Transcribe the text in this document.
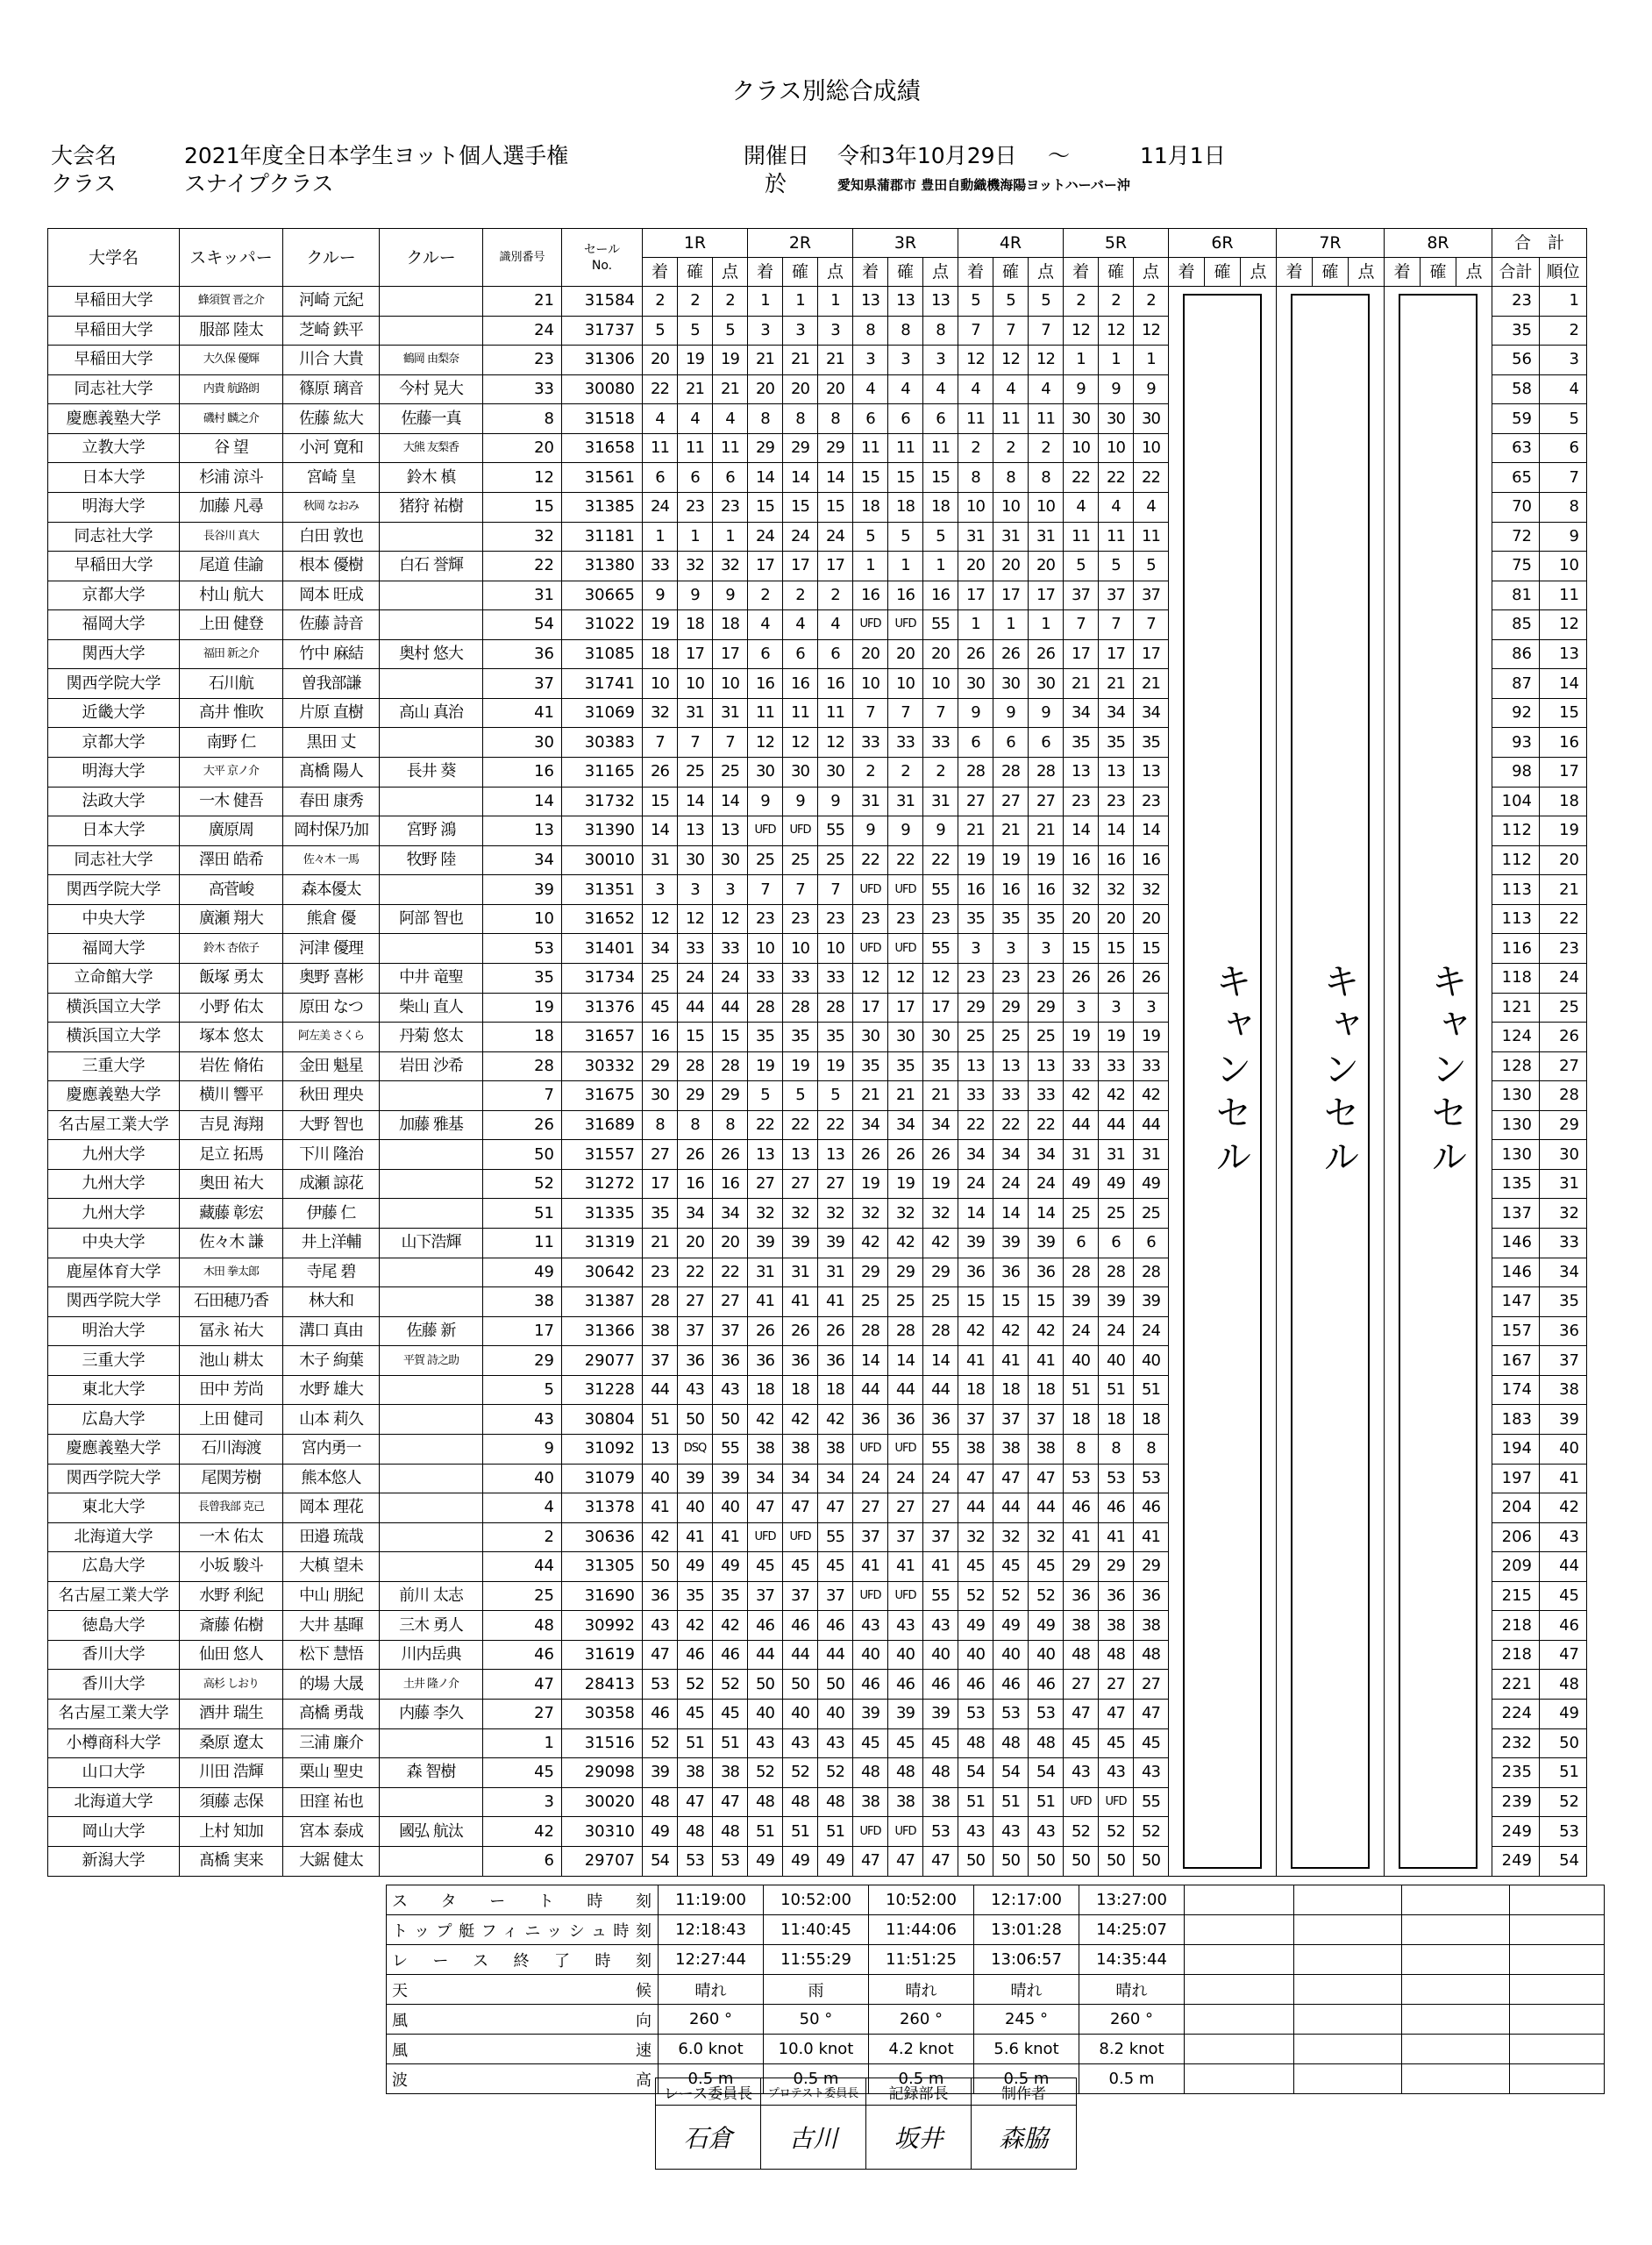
クラス別総合成績
大会名	2021年度全日本学生ヨット個人選手権
クラス	スナイプクラス
開催日 令和3年10月29日 ～	11月1日
於	愛知県蒲郡市 豊田自動織機海陽ヨットハーバー沖
大学名	スキッパー	クルー	クルー	識別番号	セール
No.	1R			2R			3R			4R			5R			6R			7R			8R			合　計	
						着	確	点	着	確	点	着	確	点	着	確	点	着	確	点	着	確	点	着	確	点	着	確	点	合計	順位
早稲田大学	蜂須賀 晋之介	河崎 元紀		21	31584	2	2	2	1	1	1	13	13	13	5	5	5	2	2	2	キャンセル			キャンセル			キャンセル			23	1
早稲田大学	服部 陸太	芝崎 鉄平		24	31737	5	5	5	3	3	3	8	8	8	7	7	7	12	12	12										35	2
早稲田大学	大久保 優輝	川合 大貴	鶴岡 由梨奈	23	31306	20	19	19	21	21	21	3	3	3	12	12	12	1	1	1										56	3
同志社大学	内貴 航路朗	篠原 璃音	今村 晃大	33	30080	22	21	21	20	20	20	4	4	4	4	4	4	9	9	9										58	4
慶應義塾大学	磯村 麟之介	佐藤 紘大	佐藤一真	8	31518	4	4	4	8	8	8	6	6	6	11	11	11	30	30	30										59	5
立教大学	谷 望	小河 寛和	大熊 友梨香	20	31658	11	11	11	29	29	29	11	11	11	2	2	2	10	10	10										63	6
日本大学	杉浦 涼斗	宮崎 皇	鈴木 槙	12	31561	6	6	6	14	14	14	15	15	15	8	8	8	22	22	22										65	7
明海大学	加藤 凡尋	秋岡 なおみ	猪狩 祐樹	15	31385	24	23	23	15	15	15	18	18	18	10	10	10	4	4	4										70	8
同志社大学	長谷川 真大	白田 敦也		32	31181	1	1	1	24	24	24	5	5	5	31	31	31	11	11	11										72	9
早稲田大学	尾道 佳諭	根本 優樹	白石 誉輝	22	31380	33	32	32	17	17	17	1	1	1	20	20	20	5	5	5										75	10
京都大学	村山 航大	岡本 旺成		31	30665	9	9	9	2	2	2	16	16	16	17	17	17	37	37	37										81	11
福岡大学	上田 健登	佐藤 詩音		54	31022	19	18	18	4	4	4	UFD	UFD	55	1	1	1	7	7	7										85	12
関西大学	福田 新之介	竹中 麻結	奥村 悠大	36	31085	18	17	17	6	6	6	20	20	20	26	26	26	17	17	17										86	13
関西学院大学	石川航	曽我部謙		37	31741	10	10	10	16	16	16	10	10	10	30	30	30	21	21	21										87	14
近畿大学	高井 惟吹	片原 直樹	高山 真治	41	31069	32	31	31	11	11	11	7	7	7	9	9	9	34	34	34										92	15
京都大学	南野 仁	黒田 丈		30	30383	7	7	7	12	12	12	33	33	33	6	6	6	35	35	35										93	16
明海大学	大平 京ノ介	髙橋 陽人	長井 葵	16	31165	26	25	25	30	30	30	2	2	2	28	28	28	13	13	13										98	17
法政大学	一木 健吾	春田 康秀		14	31732	15	14	14	9	9	9	31	31	31	27	27	27	23	23	23										104	18
日本大学	廣原周	岡村保乃加	宮野 鴻	13	31390	14	13	13	UFD	UFD	55	9	9	9	21	21	21	14	14	14										112	19
同志社大学	澤田 皓希	佐々木 一馬	牧野 陸	34	30010	31	30	30	25	25	25	22	22	22	19	19	19	16	16	16										112	20
関西学院大学	高菅峻	森本優太		39	31351	3	3	3	7	7	7	UFD	UFD	55	16	16	16	32	32	32										113	21
中央大学	廣瀬 翔大	熊倉 優	阿部 智也	10	31652	12	12	12	23	23	23	23	23	23	35	35	35	20	20	20										113	22
福岡大学	鈴木 杏依子	河津 優理		53	31401	34	33	33	10	10	10	UFD	UFD	55	3	3	3	15	15	15										116	23
立命館大学	飯塚 勇太	奥野 喜彬	中井 竜聖	35	31734	25	24	24	33	33	33	12	12	12	23	23	23	26	26	26										118	24
横浜国立大学	小野 佑太	原田 なつ	柴山 直人	19	31376	45	44	44	28	28	28	17	17	17	29	29	29	3	3	3										121	25
横浜国立大学	塚本 悠太	阿左美 さくら	丹菊 悠太	18	31657	16	15	15	35	35	35	30	30	30	25	25	25	19	19	19										124	26
三重大学	岩佐 脩佑	金田 魁星	岩田 沙希	28	30332	29	28	28	19	19	19	35	35	35	13	13	13	33	33	33										128	27
慶應義塾大学	横川 響平	秋田 理央		7	31675	30	29	29	5	5	5	21	21	21	33	33	33	42	42	42										130	28
名古屋工業大学	吉見 海翔	大野 智也	加藤 雅基	26	31689	8	8	8	22	22	22	34	34	34	22	22	22	44	44	44										130	29
九州大学	足立 拓馬	下川 隆治		50	31557	27	26	26	13	13	13	26	26	26	34	34	34	31	31	31										130	30
九州大学	奥田 祐大	成瀬 諒花		52	31272	17	16	16	27	27	27	19	19	19	24	24	24	49	49	49										135	31
九州大学	藏藤 彰宏	伊藤 仁		51	31335	35	34	34	32	32	32	32	32	32	14	14	14	25	25	25										137	32
中央大学	佐々木 謙	井上洋輔	山下浩輝	11	31319	21	20	20	39	39	39	42	42	42	39	39	39	6	6	6										146	33
鹿屋体育大学	木田 拳太郎	寺尾 碧		49	30642	23	22	22	31	31	31	29	29	29	36	36	36	28	28	28										146	34
関西学院大学	石田穂乃香	林大和		38	31387	28	27	27	41	41	41	25	25	25	15	15	15	39	39	39										147	35
明治大学	冨永 祐大	溝口 真由	佐藤 新	17	31366	38	37	37	26	26	26	28	28	28	42	42	42	24	24	24										157	36
三重大学	池山 耕太	木子 絢葉	平賀 詩之助	29	29077	37	36	36	36	36	36	14	14	14	41	41	41	40	40	40										167	37
東北大学	田中 芳尚	水野 雄大		5	31228	44	43	43	18	18	18	44	44	44	18	18	18	51	51	51										174	38
広島大学	上田 健司	山本 莉久		43	30804	51	50	50	42	42	42	36	36	36	37	37	37	18	18	18										183	39
慶應義塾大学	石川海渡	宮内勇一		9	31092	13	DSQ	55	38	38	38	UFD	UFD	55	38	38	38	8	8	8										194	40
関西学院大学	尾関芳樹	熊本悠人		40	31079	40	39	39	34	34	34	24	24	24	47	47	47	53	53	53										197	41
東北大学	長曾我部 克己	岡本 理花		4	31378	41	40	40	47	47	47	27	27	27	44	44	44	46	46	46										204	42
北海道大学	一木 佑太	田邉 琉哉		2	30636	42	41	41	UFD	UFD	55	37	37	37	32	32	32	41	41	41										206	43
広島大学	小坂 駿斗	大槙 望未		44	31305	50	49	49	45	45	45	41	41	41	45	45	45	29	29	29										209	44
名古屋工業大学	水野 利紀	中山 朋紀	前川 太志	25	31690	36	35	35	37	37	37	UFD	UFD	55	52	52	52	36	36	36										215	45
徳島大学	斎藤 佑樹	大井 基暉	三木 勇人	48	30992	43	42	42	46	46	46	43	43	43	49	49	49	38	38	38										218	46
香川大学	仙田 悠人	松下 慧悟	川内岳典	46	31619	47	46	46	44	44	44	40	40	40	40	40	40	48	48	48										218	47
香川大学	高杉 しおり	的場 大晟	土井 隆ノ介	47	28413	53	52	52	50	50	50	46	46	46	46	46	46	27	27	27										221	48
名古屋工業大学	酒井 瑞生	高橋 勇哉	内藤 李久	27	30358	46	45	45	40	40	40	39	39	39	53	53	53	47	47	47										224	49
小樽商科大学	桑原 遼太	三浦 廉介		1	31516	52	51	51	43	43	43	45	45	45	48	48	48	45	45	45										232	50
山口大学	川田 浩輝	栗山 聖史	森 智樹	45	29098	39	38	38	52	52	52	48	48	48	54	54	54	43	43	43										235	51
北海道大学	須藤 志保	田窪 祐也		3	30020	48	47	47	48	48	48	38	38	38	51	51	51	UFD	UFD	55										239	52
岡山大学	上村 知加	宮本 泰成	國弘 航汰	42	30310	49	48	48	51	51	51	UFD	UFD	53	43	43	43	52	52	52										249	53
新潟大学	髙橋 実来	大鋸 健太		6	29707	54	53	53	49	49	49	47	47	47	50	50	50	50	50	50										249	54
スタート時刻	11:19:00	10:52:00	10:52:00	12:17:00	13:27:00				
トップ艇フィニッシュ時刻	12:18:43	11:40:45	11:44:06	13:01:28	14:25:07				
レース終了時刻	12:27:44	11:55:29	11:51:25	13:06:57	14:35:44				
天候	晴れ	雨	晴れ	晴れ	晴れ				
風向	260 °	50 °	260 °	245 °	260 °				
風速	6.0 knot	10.0 knot	4.2 knot	5.6 knot	8.2 knot				
波高	0.5 m	0.5 m	0.5 m	0.5 m	0.5 m				
レース委員長	プロテスト委員長	記録部長	制作者
石倉	古川	坂井	森脇
